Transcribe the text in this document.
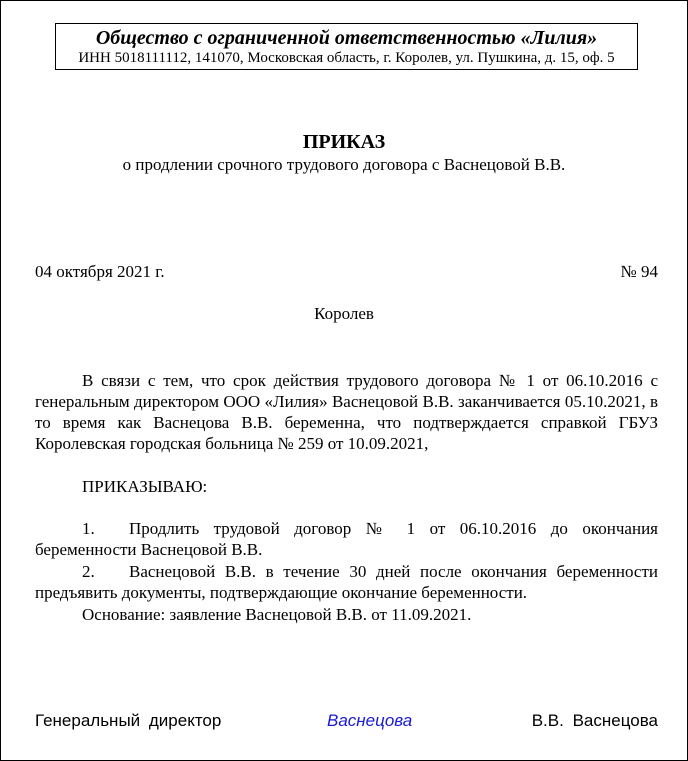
Общество с ограниченной ответственностью «Лилия»
ИНН 5018111112, 141070, Московская область, г. Королев, ул. Пушкина, д. 15, оф. 5
ПРИКАЗ
о продлении срочного трудового договора с Васнецовой В.В.
04 октября 2021 г.	№ 94
Королев

В связи с тем, что срок действия трудового договора № 1 от 06.10.2016 с генеральным директором ООО «Лилия» Васнецовой В.В. заканчивается 05.10.2021, в то время как Васнецова В.В. беременна, что подтверждается справкой ГБУЗ Королевская городская больница № 259 от 10.09.2021,

ПРИКАЗЫВАЮ:

1. Продлить трудовой договор № 1 от 06.10.2016 до окончания беременности Васнецовой В.В.

2. Васнецовой В.В. в течение 30 дней после окончания беременности предъявить документы, подтверждающие окончание беременности.

Основание: заявление Васнецовой В.В. от 11.09.2021.

Генеральный директор	Васнецова	В.В. Васнецова
